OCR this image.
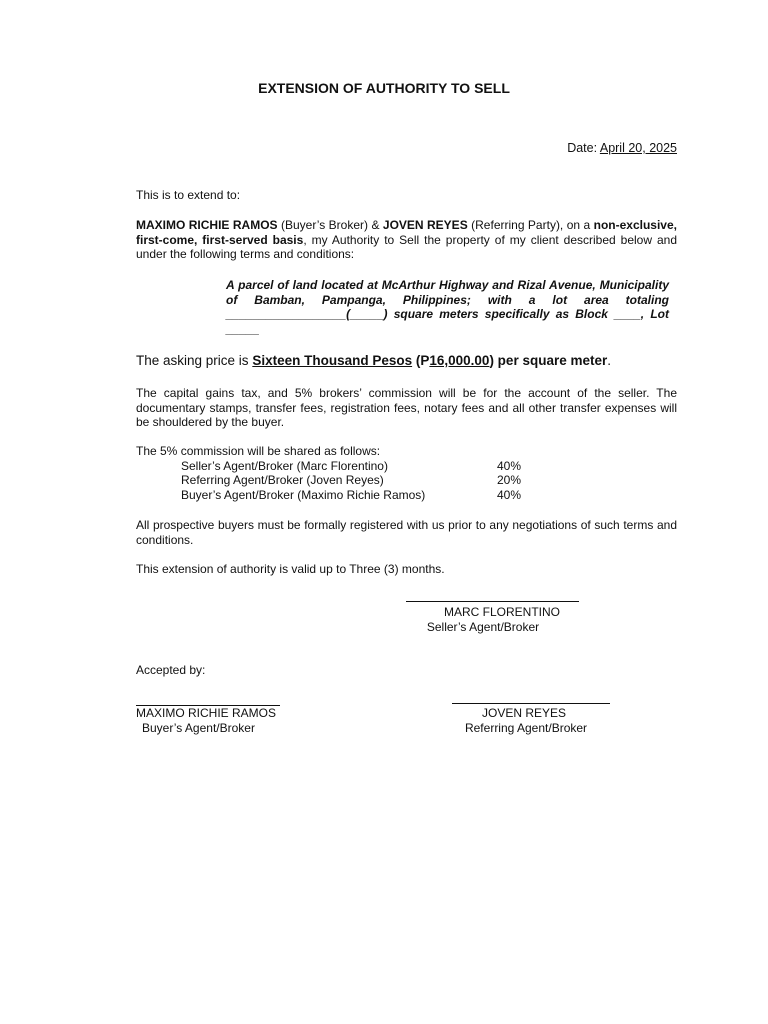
EXTENSION OF AUTHORITY TO SELL
Date: April 20, 2025
This is to extend to:
MAXIMO RICHIE RAMOS (Buyer’s Broker) & JOVEN REYES (Referring Party), on a non-exclusive, first-come, first-served basis, my Authority to Sell the property of my client described below and under the following terms and conditions:
A parcel of land located at McArthur Highway and Rizal Avenue, Municipality of Bamban, Pampanga, Philippines; with a lot area totaling __________________(_____) square meters specifically as Block ____, Lot _____
The asking price is Sixteen Thousand Pesos (P16,000.00) per square meter.
The capital gains tax, and 5% brokers’ commission will be for the account of the seller. The documentary stamps, transfer fees, registration fees, notary fees and all other transfer expenses will be shouldered by the buyer.
The 5% commission will be shared as follows:
Seller’s Agent/Broker (Marc Florentino)	40%
Referring Agent/Broker (Joven Reyes)	20%
Buyer’s Agent/Broker (Maximo Richie Ramos)	40%
All prospective buyers must be formally registered with us prior to any negotiations of such terms and conditions.
This extension of authority is valid up to Three (3) months.
MARC FLORENTINO
Seller’s Agent/Broker
Accepted by:
MAXIMO RICHIE RAMOS
Buyer’s Agent/Broker
JOVEN REYES
Referring Agent/Broker
